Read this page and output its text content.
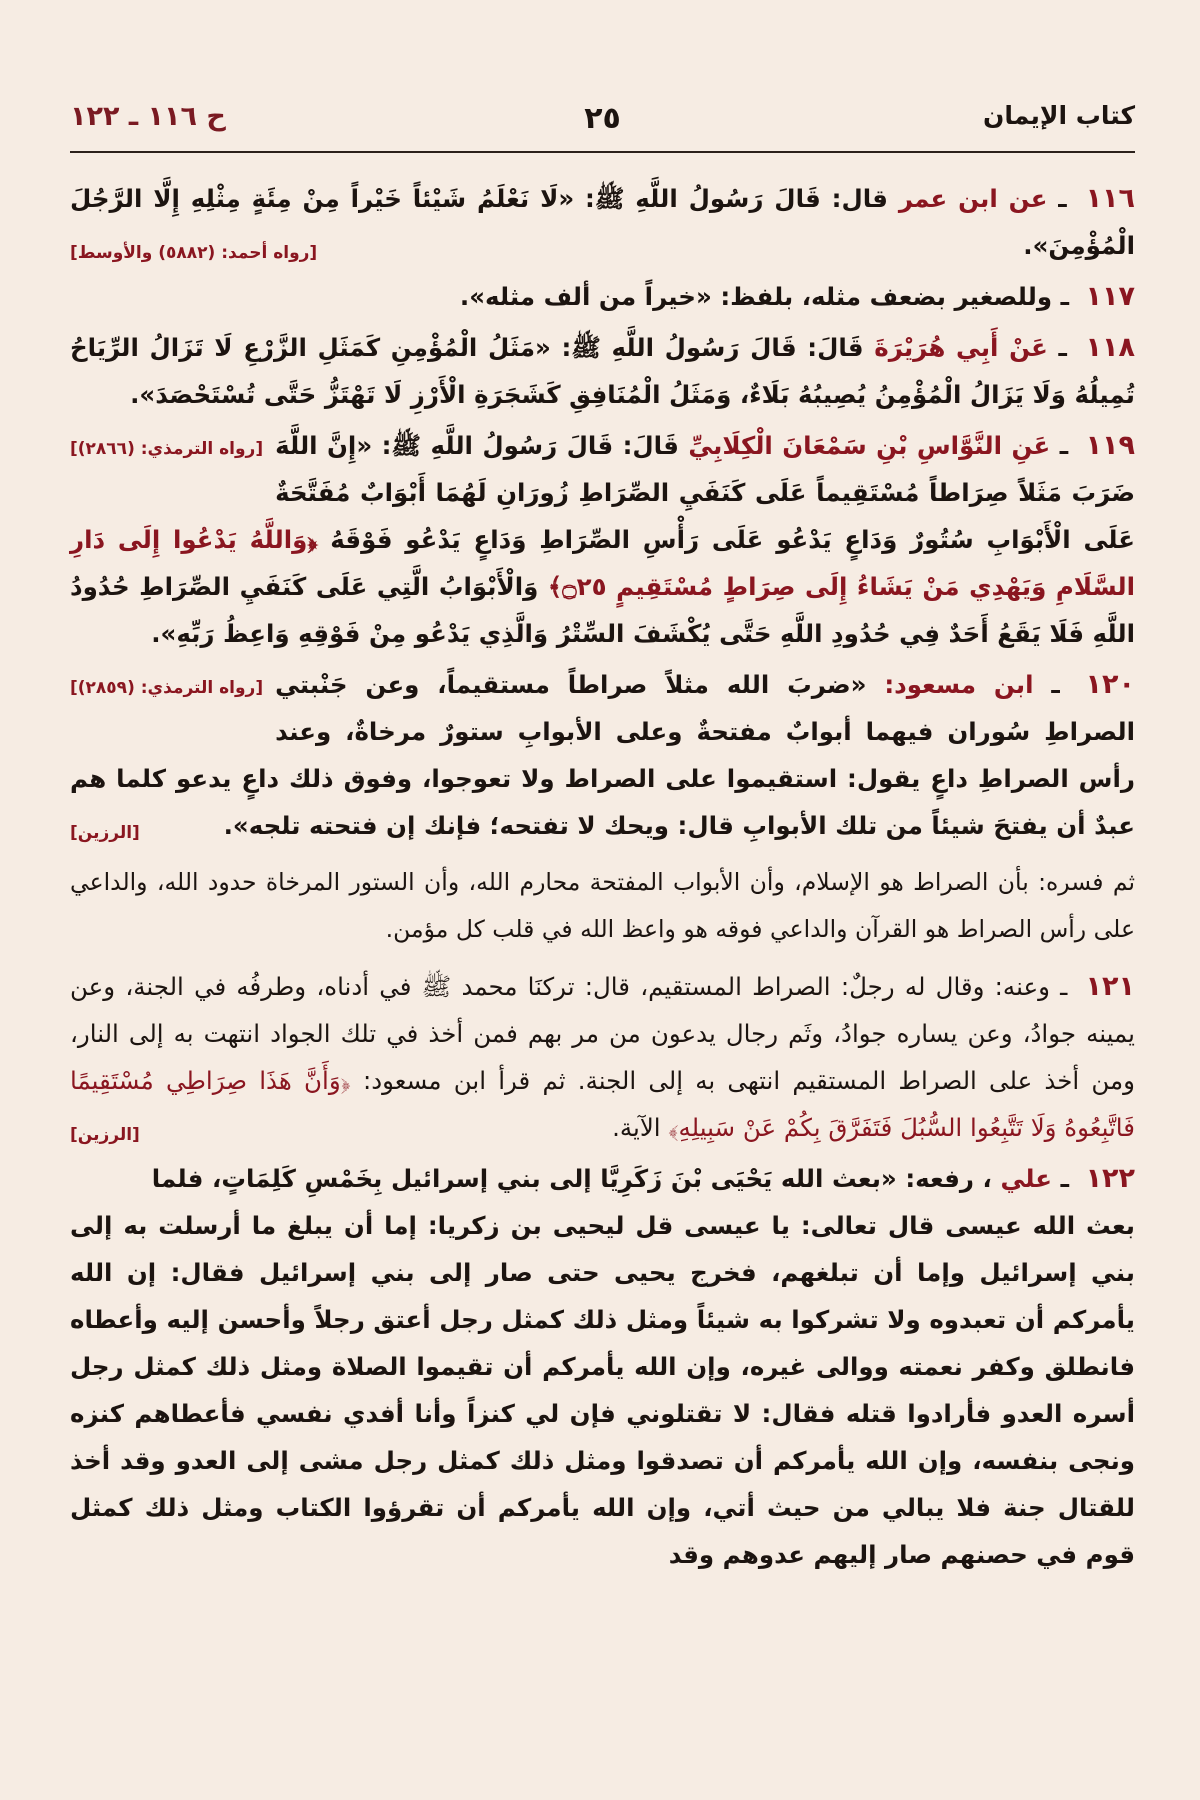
كتاب الإيمان
٢٥
ح ١١٦ ـ ١٢٢

١١٦ ـ عن ابن عمر قال: قَالَ رَسُولُ اللَّهِ ﷺ: «لَا نَعْلَمُ شَيْئاً خَيْراً مِنْ مِئَةٍ مِثْلِهِ إِلَّا الرَّجُلَ الْمُؤْمِنَ».
[رواه أحمد: (٥٨٨٢) والأوسط]

١١٧ ـ وللصغير بضعف مثله، بلفظ: «خيراً من ألف مثله».

١١٨ ـ عَنْ أَبِي هُرَيْرَةَ قَالَ: قَالَ رَسُولُ اللَّهِ ﷺ: «مَثَلُ الْمُؤْمِنِ كَمَثَلِ الزَّرْعِ لَا تَزَالُ الرِّيَاحُ تُمِيلُهُ وَلَا يَزَالُ الْمُؤْمِنُ يُصِيبُهُ بَلَاءٌ، وَمَثَلُ الْمُنَافِقِ كَشَجَرَةِ الْأَرْزِ لَا تَهْتَزُّ حَتَّى تُسْتَحْصَدَ».
[رواه الترمذي: (٢٨٦٦)]	١١٩ ـ عَنِ النَّوَّاسِ بْنِ سَمْعَانَ الْكِلَابِيِّ قَالَ: قَالَ رَسُولُ اللَّهِ ﷺ: «إِنَّ اللَّهَ ضَرَبَ مَثَلاً صِرَاطاً مُسْتَقِيماً عَلَى كَنَفَيِ الصِّرَاطِ زُورَانِ لَهُمَا أَبْوَابٌ مُفَتَّحَةٌ عَلَى الْأَبْوَابِ سُتُورٌ وَدَاعٍ يَدْعُو عَلَى رَأْسِ الصِّرَاطِ وَدَاعٍ يَدْعُو فَوْقَهُ ﴿وَاللَّهُ يَدْعُوا إِلَى دَارِ السَّلَامِ وَيَهْدِي مَنْ يَشَاءُ إِلَى صِرَاطٍ مُسْتَقِيمٍ ۝٢٥﴾ وَالْأَبْوَابُ الَّتِي عَلَى كَنَفَيِ الصِّرَاطِ حُدُودُ اللَّهِ فَلَا يَقَعُ أَحَدٌ فِي حُدُودِ اللَّهِ حَتَّى يُكْشَفَ السِّتْرُ وَالَّذِي يَدْعُو مِنْ فَوْقِهِ وَاعِظُ رَبِّهِ».
[رواه الترمذي: (٢٨٥٩)]	١٢٠ ـ ابن مسعود: «ضربَ الله مثلاً صراطاً مستقيماً، وعن جَنْبتي الصراطِ سُوران فيهما أبوابٌ مفتحةٌ وعلى الأبوابِ ستورٌ مرخاةٌ، وعند رأس الصراطِ داعٍ يقول: استقيموا على الصراط ولا تعوجوا، وفوق ذلك داعٍ يدعو كلما هم عبدٌ أن يفتحَ شيئاً من تلك الأبوابِ قال: ويحك لا تفتحه؛ فإنك إن فتحته تلجه».
[الرزين]

ثم فسره: بأن الصراط هو الإسلام، وأن الأبواب المفتحة محارم الله، وأن الستور المرخاة حدود الله، والداعي على رأس الصراط هو القرآن والداعي فوقه هو واعظ الله في قلب كل مؤمن.

١٢١ ـ وعنه: وقال له رجلٌ: الصراط المستقيم، قال: تركنَا محمد ﷺ في أدناه، وطرفُه في الجنة، وعن يمينه جوادُ، وعن يساره جوادُ، وثَم رجال يدعون من مر بهم فمن أخذ في تلك الجواد انتهت به إلى النار، ومن أخذ على الصراط المستقيم انتهى به إلى الجنة. ثم قرأ ابن مسعود: ﴿وَأَنَّ هَذَا صِرَاطِي مُسْتَقِيمًا فَاتَّبِعُوهُ وَلَا تَتَّبِعُوا السُّبُلَ فَتَفَرَّقَ بِكُمْ عَنْ سَبِيلِهِ﴾ الآية.
[الرزين]

١٢٢ ـ علي ، رفعه: «بعث الله يَحْيَى بْنَ زَكَرِيَّا إلى بني إسرائيل بِخَمْسِ كَلِمَاتٍ، فلما بعث الله عيسى قال تعالى: يا عيسى قل ليحيى بن زكريا: إما أن يبلغ ما أرسلت به إلى بني إسرائيل وإما أن تبلغهم، فخرج يحيى حتى صار إلى بني إسرائيل فقال: إن الله يأمركم أن تعبدوه ولا تشركوا به شيئاً ومثل ذلك كمثل رجل أعتق رجلاً وأحسن إليه وأعطاه فانطلق وكفر نعمته ووالى غيره، وإن الله يأمركم أن تقيموا الصلاة ومثل ذلك كمثل رجل أسره العدو فأرادوا قتله فقال: لا تقتلوني فإن لي كنزاً وأنا أفدي نفسي فأعطاهم كنزه ونجى بنفسه، وإن الله يأمركم أن تصدقوا ومثل ذلك كمثل رجل مشى إلى العدو وقد أخذ للقتال جنة فلا يبالي من حيث أتي، وإن الله يأمركم أن تقرؤوا الكتاب ومثل ذلك كمثل قوم في حصنهم صار إليهم عدوهم وقد
